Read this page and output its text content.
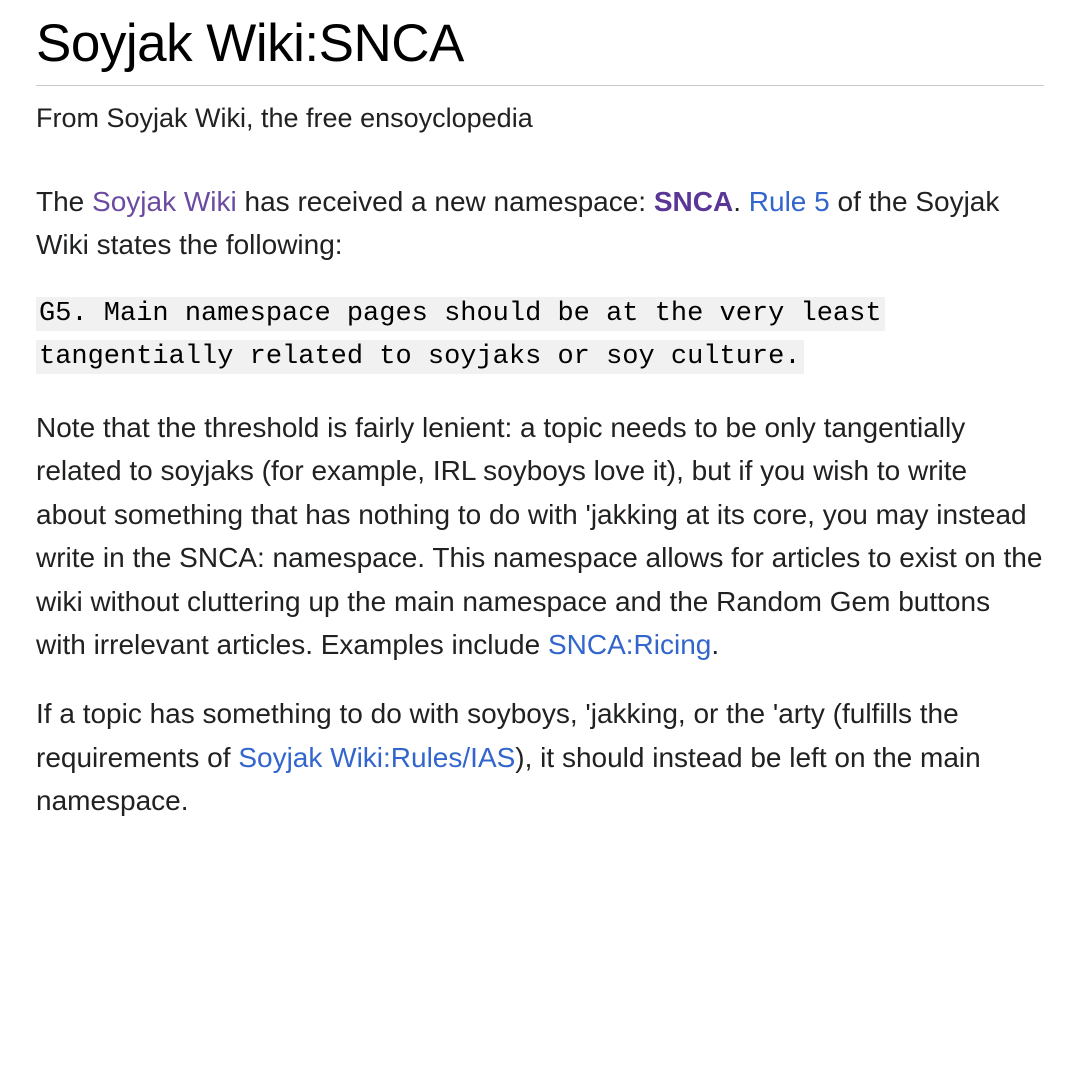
Soyjak Wiki:SNCA
From Soyjak Wiki, the free ensoyclopedia

The Soyjak Wiki has received a new namespace: SNCA. Rule 5 of the Soyjak Wiki states the following:

G5. Main namespace pages should be at the very least tangentially related to soyjaks or soy culture.

Note that the threshold is fairly lenient: a topic needs to be only tangentially related to soyjaks (for example, IRL soyboys love it), but if you wish to write about something that has nothing to do with 'jakking at its core, you may instead write in the SNCA: namespace. This namespace allows for articles to exist on the wiki without cluttering up the main namespace and the Random Gem buttons with irrelevant articles. Examples include SNCA:Ricing.

If a topic has something to do with soyboys, 'jakking, or the 'arty (fulfills the requirements of Soyjak Wiki:Rules/IAS), it should instead be left on the main namespace.
